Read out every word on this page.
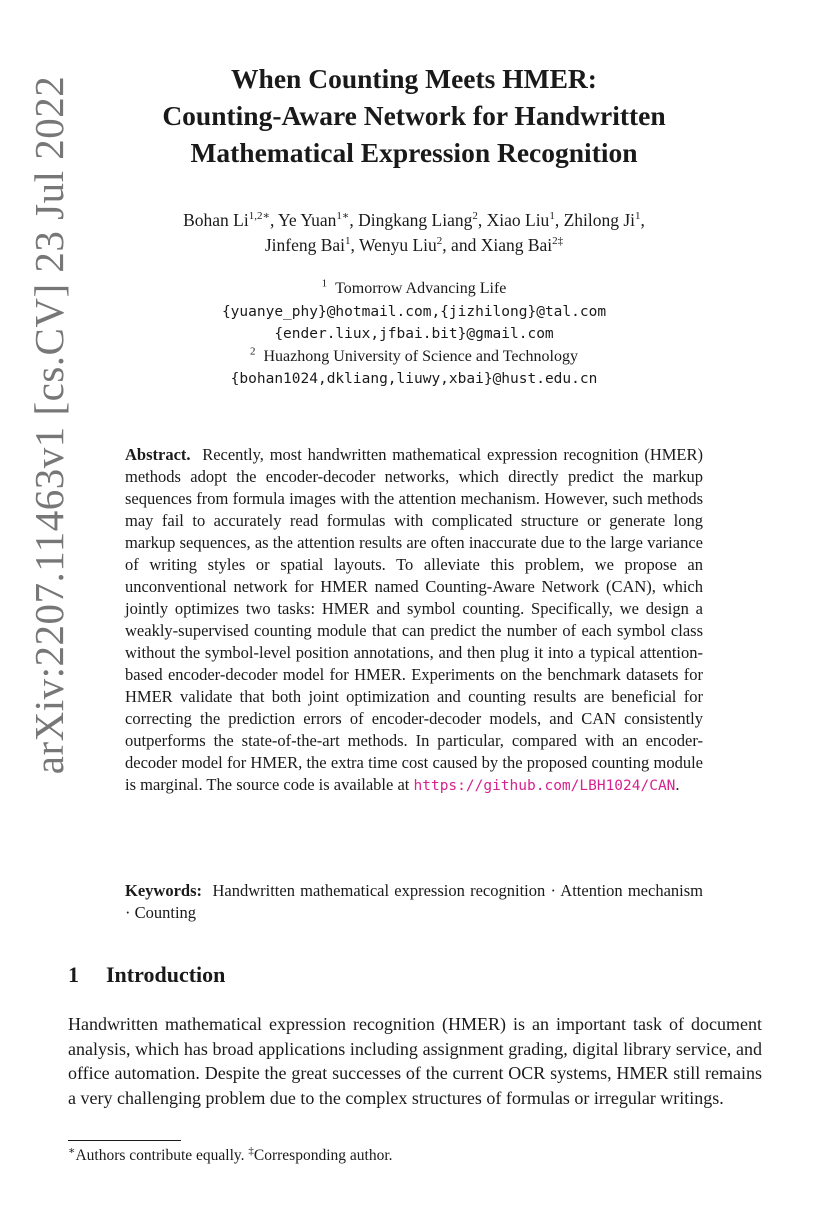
arXiv:2207.11463v1 [cs.CV] 23 Jul 2022	When Counting Meets HMER:
Counting-Aware Network for Handwritten
Mathematical Expression Recognition
Bohan $Li^{1,2∗}$, Ye Yuan$^{1∗}$, Dingkang Liang$^2$, Xiao Liu$^1$, Zhilong Ji$^1$,
Jinfeng Bai$^1$, Wenyu Liu$^2$, and Xiang Bai$^{2\ddagger}$
$^1$ Tomorrow Advancing Life
{yuanye_phy}@hotmail.com,{jizhilong}@tal.com
{ender.liux,jfbai.bit}@gmail.com
$^2$ Huazhong University of Science and Technology
{bohan1024,dkliang,liuwy,xbai}@hust.edu.cn
Abstract. Recently, most handwritten mathematical expression recognition (HMER) methods adopt the encoder-decoder networks, which directly predict the markup sequences from formula images with the attention mechanism. However, such methods may fail to accurately read formulas with complicated structure or generate long markup sequences, as the attention results are often inaccurate due to the large variance of writing styles or spatial layouts. To alleviate this problem, we propose an unconventional network for HMER named Counting-Aware Network (CAN), which jointly optimizes two tasks: HMER and symbol counting. Specifically, we design a weakly-supervised counting module that can predict the number of each symbol class without the symbol-level position annotations, and then plug it into a typical attention-based encoder-decoder model for HMER. Experiments on the benchmark datasets for HMER validate that both joint optimization and counting results are beneficial for correcting the prediction errors of encoder-decoder models, and CAN consistently outperforms the state-of-the-art methods. In particular, compared with an encoder-decoder model for HMER, the extra time cost caused by the proposed counting module is marginal. The source code is available at https://github.com/LBH1024/CAN.
Keywords: Handwritten mathematical expression recognition · Attention mechanism · Counting
1 Introduction
Handwritten mathematical expression recognition (HMER) is an important task of document analysis, which has broad applications including assignment grading, digital library service, and office automation. Despite the great successes of the current OCR systems, HMER still remains a very challenging problem due to the complex structures of formulas or irregular writings.
∗Authors contribute equally. ‡Corresponding author.
